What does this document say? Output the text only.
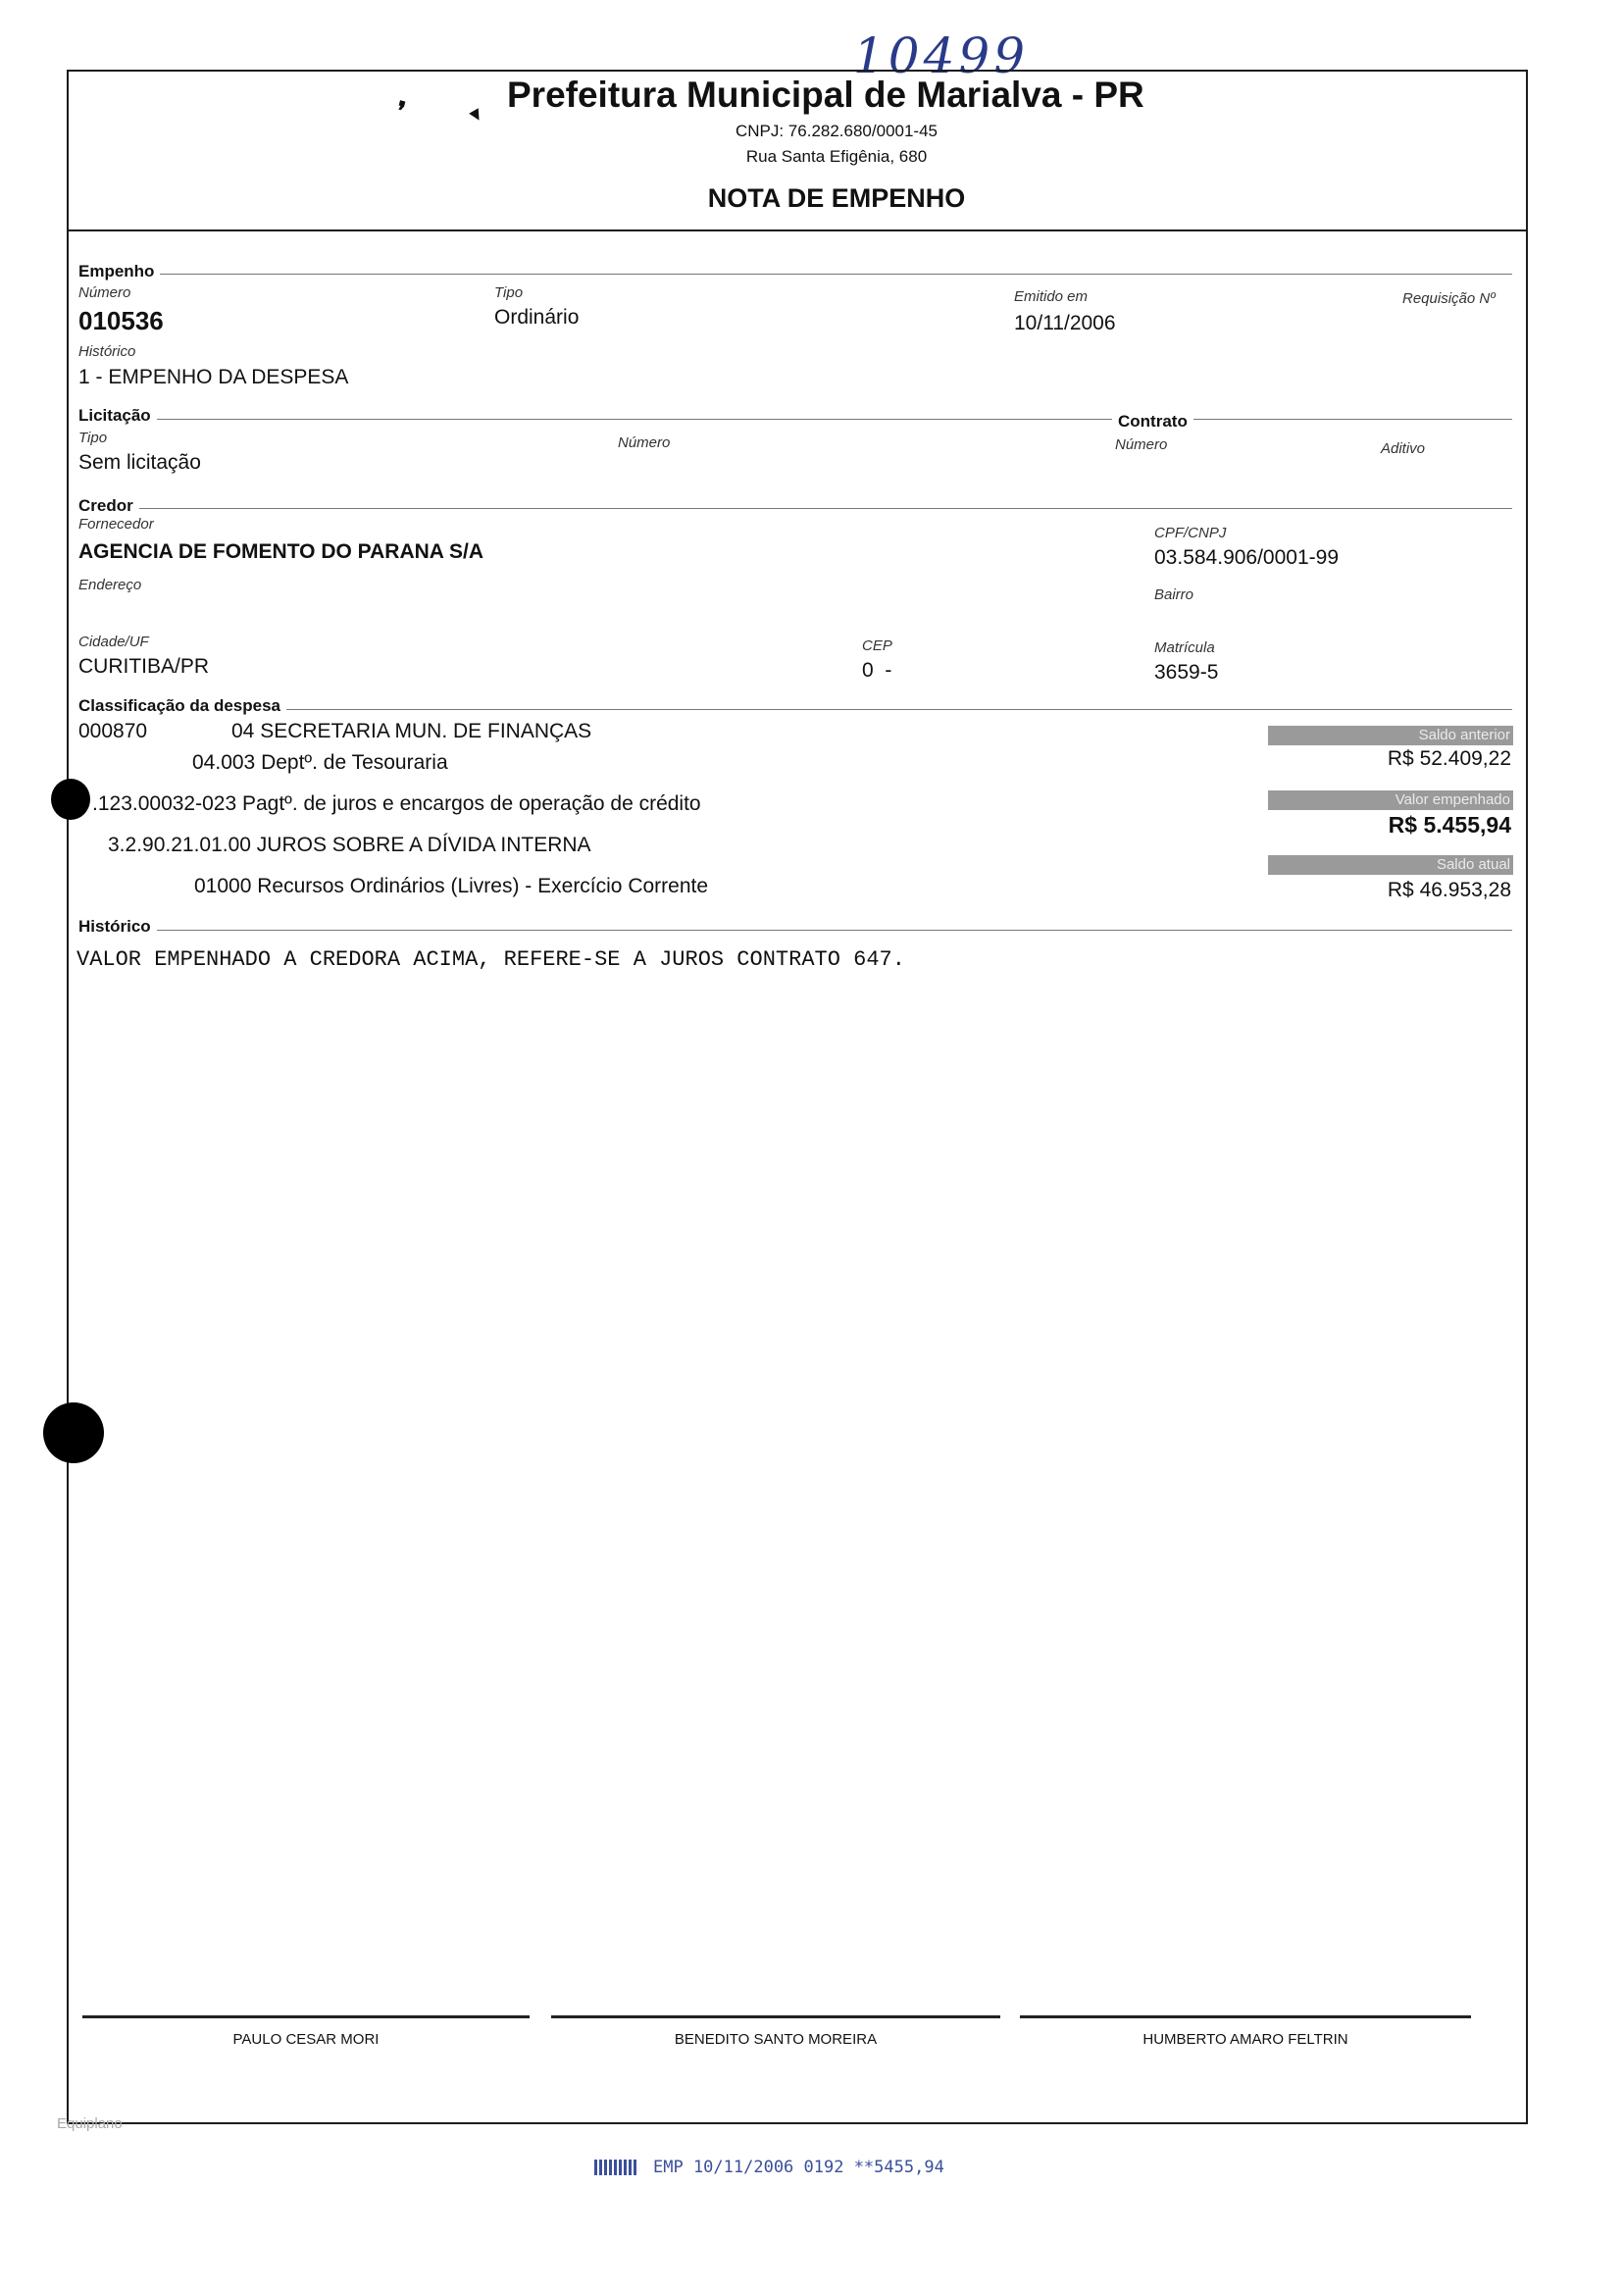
10499
❜	▾ Prefeitura Municipal de Marialva - PR
CNPJ: 76.282.680/0001-45
Rua Santa Efigênia, 680
NOTA DE EMPENHO
Empenho
Número
010536
Tipo
Ordinário
Emitido em
10/11/2006
Requisição Nº
Histórico
1 - EMPENHO DA DESPESA
Licitação	Contrato
Tipo
Sem licitação
Número	Número	Aditivo
Credor
Fornecedor
AGENCIA DE FOMENTO DO PARANA S/A
CPF/CNPJ
03.584.906/0001-99
Endereço
Bairro
Cidade/UF
CURITIBA/PR
CEP
0  -
Matrícula
3659-5
Classificação da despesa
000870	04 SECRETARIA MUN. DE FINANÇAS
04.003 Deptº. de Tesouraria
.123.00032-023 Pagtº. de juros e encargos de operação de crédito
3.2.90.21.01.00 JUROS SOBRE A DÍVIDA INTERNA
01000 Recursos Ordinários (Livres) - Exercício Corrente
Saldo anterior
R$ 52.409,22
Valor empenhado
R$ 5.455,94
Saldo atual
R$ 46.953,28
Histórico
VALOR EMPENHADO A CREDORA ACIMA, REFERE-SE A JUROS CONTRATO 647.
PAULO CESAR MORI	BENEDITO SANTO MOREIRA	HUMBERTO AMARO FELTRIN
Equiplano
EMP 10/11/2006 0192 **5455,94
